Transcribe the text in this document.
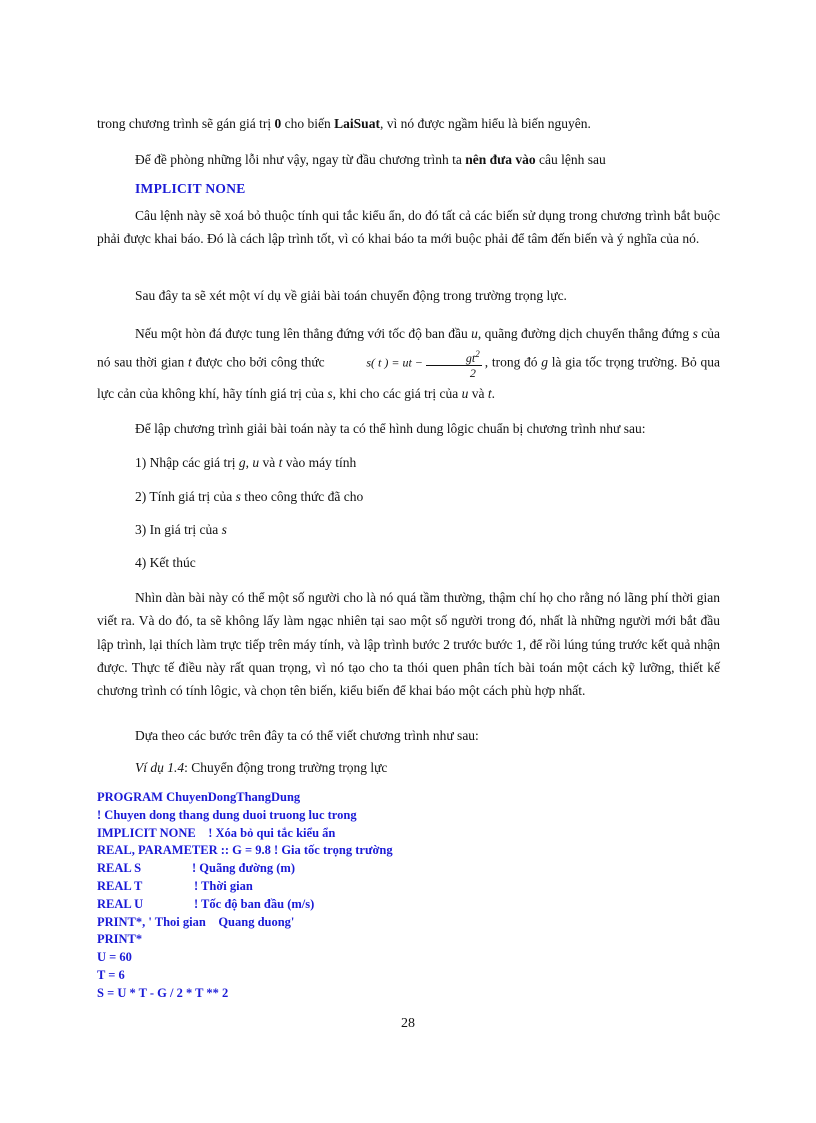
trong chương trình sẽ gán giá trị 0 cho biến LaiSuat, vì nó được ngầm hiểu là biến nguyên.
Để đề phòng những lỗi như vậy, ngay từ đầu chương trình ta nên đưa vào câu lệnh sau
IMPLICIT NONE
Câu lệnh này sẽ xoá bỏ thuộc tính qui tắc kiểu ẩn, do đó tất cả các biến sử dụng trong chương trình bắt buộc phải được khai báo. Đó là cách lập trình tốt, vì có khai báo ta mới buộc phải để tâm đến biến và ý nghĩa của nó.
Sau đây ta sẽ xét một ví dụ về giải bài toán chuyển động trong trường trọng lực.
Nếu một hòn đá được tung lên thẳng đứng với tốc độ ban đầu u, quãng đường dịch chuyển thẳng đứng s của nó sau thời gian t được cho bởi công thức	s( t ) = ut − $\frac{gt^2}{2}$ , trong đó g là gia tốc trọng trường. Bỏ qua lực cản của không khí, hãy tính giá trị của s, khi cho các giá trị của u và t.
Để lập chương trình giải bài toán này ta có thể hình dung lôgic chuẩn bị chương trình như sau:
1) Nhập các giá trị g, u và t vào máy tính
2) Tính giá trị của s theo công thức đã cho
3) In giá trị của s
4) Kết thúc
Nhìn dàn bài này có thể một số người cho là nó quá tầm thường, thậm chí họ cho rằng nó lãng phí thời gian viết ra. Và do đó, ta sẽ không lấy làm ngạc nhiên tại sao một số người trong đó, nhất là những người mới bắt đầu lập trình, lại thích làm trực tiếp trên máy tính, và lập trình bước 2 trước bước 1, để rồi lúng túng trước kết quả nhận được. Thực tế điều này rất quan trọng, vì nó tạo cho ta thói quen phân tích bài toán một cách kỹ lưỡng, thiết kế chương trình có tính lôgic, và chọn tên biến, kiểu biến để khai báo một cách phù hợp nhất.
Dựa theo các bước trên đây ta có thể viết chương trình như sau:
Ví dụ 1.4: Chuyển động trong trường trọng lực
PROGRAM ChuyenDongThangDung
! Chuyen dong thang dung duoi truong luc trong
IMPLICIT NONE    ! Xóa bỏ qui tắc kiểu ẩn
REAL, PARAMETER :: G = 9.8 ! Gia tốc trọng trường
REAL S	! Quãng đường (m)
REAL T	! Thời gian
REAL U	! Tốc độ ban đầu (m/s)
PRINT*, ' Thoi gian    Quang duong'
PRINT*
U = 60
T = 6
S = U * T - G / 2 * T ** 2
28
